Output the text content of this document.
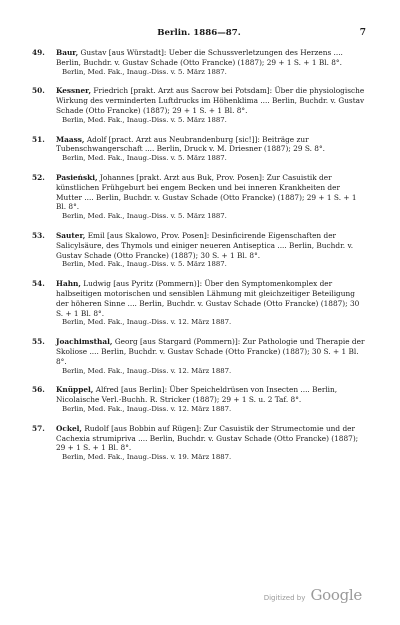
Berlin. 1886—87.	7
49. Baur, Gustav [aus Würstadt]: Ueber die Schussverletzungen des Herzens .... Berlin, Buchdr. v. Gustav Schade (Otto Francke) (1887); 29 + 1 S. + 1 Bl. 8°.
Berlin, Med. Fak., Inaug.-Diss. v. 5. März 1887.
50. Kessner, Friedrich [prakt. Arzt aus Sacrow bei Potsdam]: Über die physiologische Wirkung des verminderten Luftdrucks im Höhenklima .... Berlin, Buchdr. v. Gustav Schade (Otto Francke) (1887); 29 + 1 S. + 1 Bl. 8°.
Berlin, Med. Fak., Inaug.-Diss. v. 5. März 1887.
51. Maass, Adolf [pract. Arzt aus Neubrandenburg [sic!]]: Beiträge zur Tubenschwangerschaft .... Berlin, Druck v. M. Driesner (1887); 29 S. 8°.
Berlin, Med. Fak., Inaug.-Diss. v. 5. März 1887.
52. Pasieński, Johannes [prakt. Arzt aus Buk, Prov. Posen]: Zur Casuistik der künstlichen Frühgeburt bei engem Becken und bei inneren Krankheiten der Mutter .... Berlin, Buchdr. v. Gustav Schade (Otto Francke) (1887); 29 + 1 S. + 1 Bl. 8°.
Berlin, Med. Fak., Inaug.-Diss. v. 5. März 1887.
53. Sauter, Emil [aus Skalowo, Prov. Posen]: Desinficirende Eigenschaften der Salicylsäure, des Thymols und einiger neueren Antiseptica .... Berlin, Buchdr. v. Gustav Schade (Otto Francke) (1887); 30 S. + 1 Bl. 8°.
Berlin, Med. Fak., Inaug.-Diss. v. 5. März 1887.
54. Hahn, Ludwig [aus Pyritz (Pommern)]: Über den Symptomenkomplex der halbseitigen motorischen und sensiblen Lähmung mit gleichzeitiger Beteiligung der höheren Sinne .... Berlin, Buchdr. v. Gustav Schade (Otto Francke) (1887); 30 S. + 1 Bl. 8°.
Berlin, Med. Fak., Inaug.-Diss. v. 12. März 1887.
55. Joachimsthal, Georg [aus Stargard (Pommern)]: Zur Pathologie und Therapie der Skoliose .... Berlin, Buchdr. v. Gustav Schade (Otto Francke) (1887); 30 S. + 1 Bl. 8°.
Berlin, Med. Fak., Inaug.-Diss. v. 12. März 1887.
56. Knüppel, Alfred [aus Berlin]: Über Speicheldrüsen von Insecten .... Berlin, Nicolaische Verl.-Buchh. R. Stricker (1887); 29 + 1 S. u. 2 Taf. 8°.
Berlin, Med. Fak., Inaug.-Diss. v. 12. März 1887.
57. Ockel, Rudolf [aus Bobbin auf Rügen]: Zur Casuistik der Strumectomie und der Cachexia strumipriva .... Berlin, Buchdr. v. Gustav Schade (Otto Francke) (1887); 29 + 1 S. + 1 Bl. 8°.
Berlin, Med. Fak., Inaug.-Diss. v. 19. März 1887.
Digitized by Google
